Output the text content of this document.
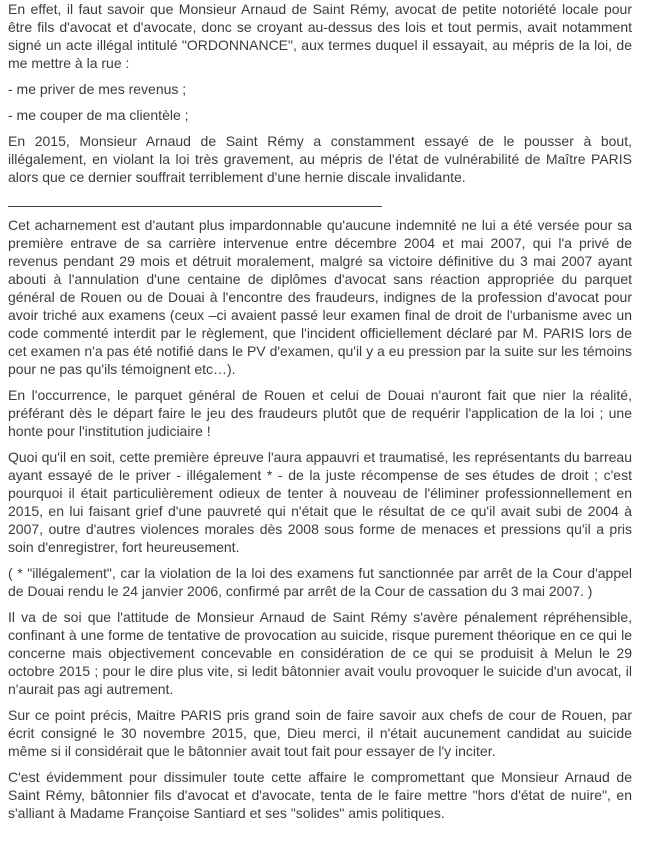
En effet, il faut savoir que Monsieur Arnaud de Saint Rémy, avocat de petite notoriété locale pour être fils d'avocat et d'avocate, donc se croyant au-dessus des lois et tout permis, avait notamment signé un acte illégal intitulé "ORDONNANCE", aux termes duquel il essayait, au mépris de la loi, de me mettre à la rue :

- me priver de mes revenus ;

- me couper de ma clientèle ;

En 2015, Monsieur Arnaud de Saint Rémy a constamment essayé de le pousser à bout, illégalement, en violant la loi très gravement, au mépris de l'état de vulnérabilité de Maître PARIS alors que ce dernier souffrait terriblement d'une hernie discale invalidante.

Cet acharnement est d'autant plus impardonnable qu'aucune indemnité ne lui a été versée pour sa première entrave de sa carrière intervenue entre décembre 2004 et mai 2007, qui l'a privé de revenus pendant 29 mois et détruit moralement, malgré sa victoire définitive du 3 mai 2007 ayant abouti à l'annulation d'une centaine de diplômes d'avocat sans réaction appropriée du parquet général de Rouen ou de Douai à l'encontre des fraudeurs, indignes de la profession d'avocat pour avoir triché aux examens (ceux –ci avaient passé leur examen final de droit de l'urbanisme avec un code commenté interdit par le règlement, que l'incident officiellement déclaré par M. PARIS lors de cet examen n'a pas été notifié dans le PV d'examen, qu'il y a eu pression par la suite sur les témoins pour ne pas qu'ils témoignent etc…).

En l'occurrence, le parquet général de Rouen et celui de Douai n'auront fait que nier la réalité, préférant dès le départ faire le jeu des fraudeurs plutôt que de requérir l'application de la loi ; une honte pour l'institution judiciaire !

Quoi qu'il en soit, cette première épreuve l'aura appauvri et traumatisé, les représentants du barreau ayant essayé de le priver - illégalement * - de la juste récompense de ses études de droit ; c'est pourquoi il était particulièrement odieux de tenter à nouveau de l'éliminer professionnellement en 2015, en lui faisant grief d'une pauvreté qui n'était que le résultat de ce qu'il avait subi de 2004 à 2007, outre d'autres violences morales dès 2008 sous forme de menaces et pressions qu'il a pris soin d'enregistrer, fort heureusement.

( * "illégalement", car la violation de la loi des examens fut sanctionnée par arrêt de la Cour d'appel de Douai rendu le 24 janvier 2006, confirmé par arrêt de la Cour de cassation du 3 mai 2007. )

Il va de soi que l'attitude de Monsieur Arnaud de Saint Rémy s'avère pénalement répréhensible, confinant à une forme de tentative de provocation au suicide, risque purement théorique en ce qui le concerne mais objectivement concevable en considération de ce qui se produisit à Melun le 29 octobre 2015 ; pour le dire plus vite, si ledit bâtonnier avait voulu provoquer le suicide d'un avocat, il n'aurait pas agi autrement.

Sur ce point précis, Maitre PARIS pris grand soin de faire savoir aux chefs de cour de Rouen, par écrit consigné le 30 novembre 2015, que, Dieu merci, il n'était aucunement candidat au suicide même si il considérait que le bâtonnier avait tout fait pour essayer de l'y inciter.

C'est évidemment pour dissimuler toute cette affaire le compromettant que Monsieur Arnaud de Saint Rémy, bâtonnier fils d'avocat et d'avocate, tenta de le faire mettre "hors d'état de nuire", en s'alliant à Madame Françoise Santiard et ses "solides" amis politiques.
